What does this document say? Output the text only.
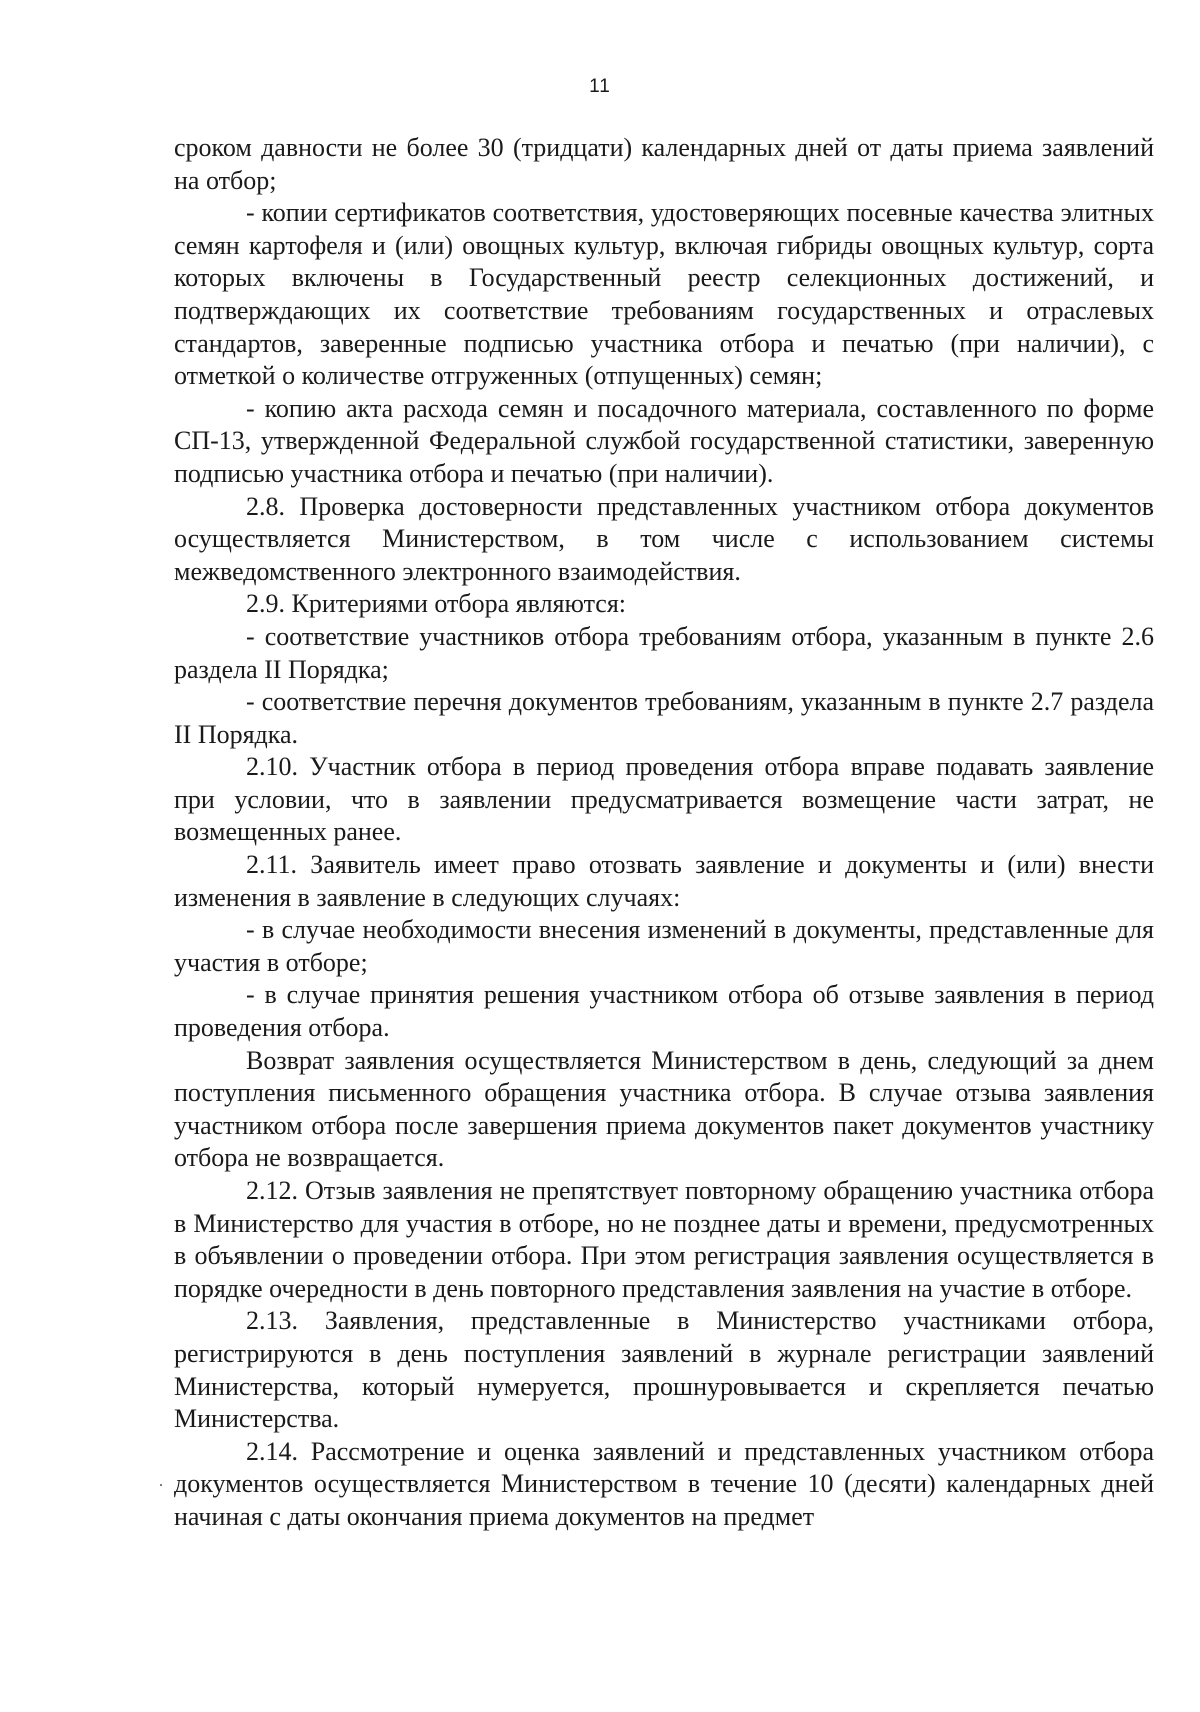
11

сроком давности не более 30 (тридцати) календарных дней от даты приема заявлений на отбор;

- копии сертификатов соответствия, удостоверяющих посевные качества элитных семян картофеля и (или) овощных культур, включая гибриды овощных культур, сорта которых включены в Государственный реестр селекционных достижений, и подтверждающих их соответствие требованиям государственных и отраслевых стандартов, заверенные подписью участника отбора и печатью (при наличии), с отметкой о количестве отгруженных (отпущенных) семян;

- копию акта расхода семян и посадочного материала, составленного по форме СП-13, утвержденной Федеральной службой государственной статистики, заверенную подписью участника отбора и печатью (при наличии).

2.8. Проверка достоверности представленных участником отбора документов осуществляется Министерством, в том числе с использованием системы межведомственного электронного взаимодействия.

2.9. Критериями отбора являются:

- соответствие участников отбора требованиям отбора, указанным в пункте 2.6 раздела II Порядка;

- соответствие перечня документов требованиям, указанным в пункте 2.7 раздела II Порядка.

2.10. Участник отбора в период проведения отбора вправе подавать заявление при условии, что в заявлении предусматривается возмещение части затрат, не возмещенных ранее.

2.11. Заявитель имеет право отозвать заявление и документы и (или) внести изменения в заявление в следующих случаях:

- в случае необходимости внесения изменений в документы, представленные для участия в отборе;

- в случае принятия решения участником отбора об отзыве заявления в период проведения отбора.

Возврат заявления осуществляется Министерством в день, следующий за днем поступления письменного обращения участника отбора. В случае отзыва заявления участником отбора после завершения приема документов пакет документов участнику отбора не возвращается.

2.12. Отзыв заявления не препятствует повторному обращению участника отбора в Министерство для участия в отборе, но не позднее даты и времени, предусмотренных в объявлении о проведении отбора. При этом регистрация заявления осуществляется в порядке очередности в день повторного представления заявления на участие в отборе.

2.13. Заявления, представленные в Министерство участниками отбора, регистрируются в день поступления заявлений в журнале регистрации заявлений Министерства, который нумеруется, прошнуровывается и скрепляется печатью Министерства.

2.14. Рассмотрение и оценка заявлений и представленных участником отбора документов осуществляется Министерством в течение 10 (десяти) календарных дней начиная с даты окончания приема документов на предмет
